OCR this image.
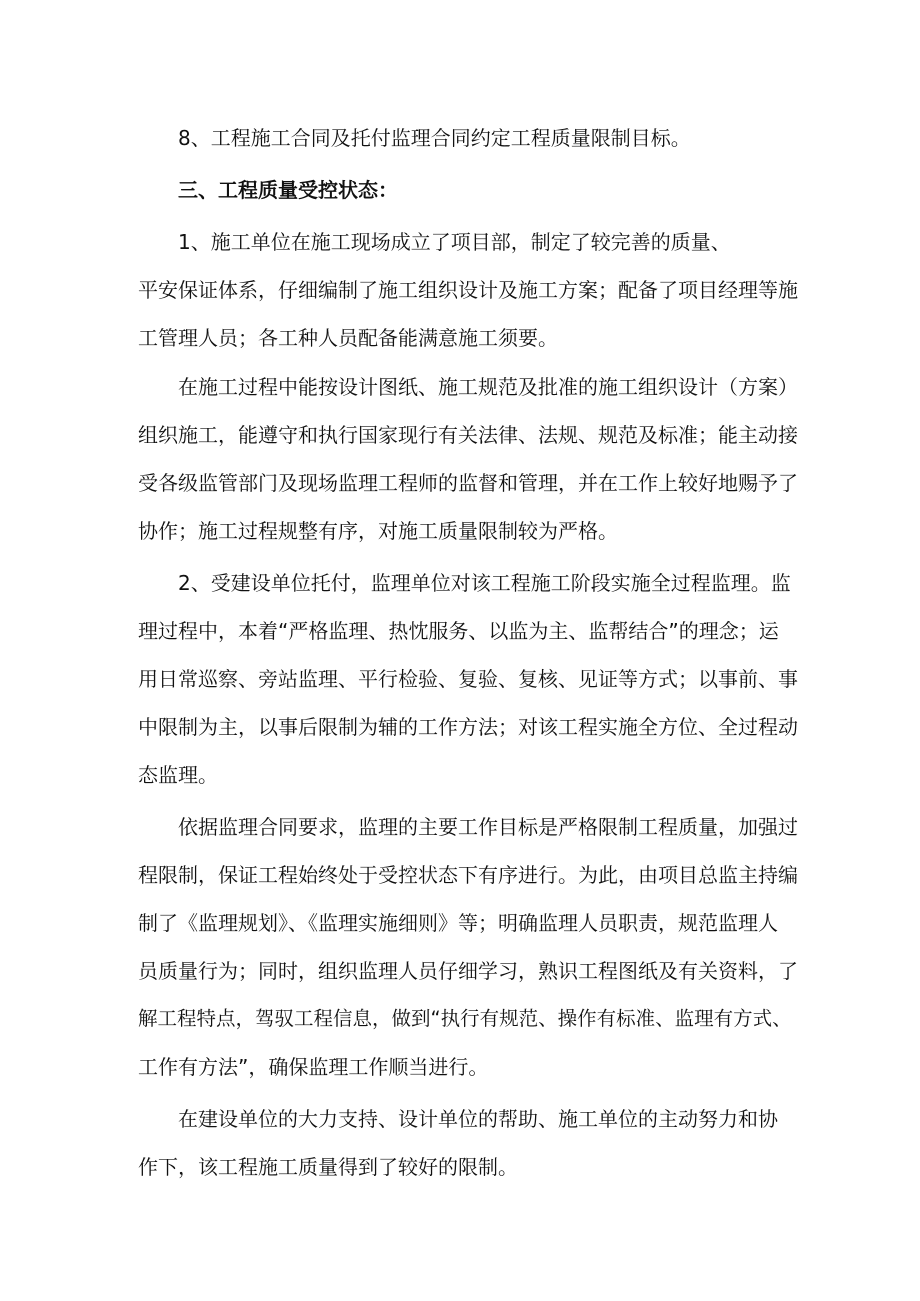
8、工程施工合同及托付监理合同约定工程质量限制目标。
三、工程质量受控状态：
1、施工单位在施工现场成立了项目部，制定了较完善的质量、
平安保证体系，仔细编制了施工组织设计及施工方案；配备了项目经理等施
工管理人员；各工种人员配备能满意施工须要。
在施工过程中能按设计图纸、施工规范及批准的施工组织设计（方案）
组织施工，能遵守和执行国家现行有关法律、法规、规范及标准；能主动接
受各级监管部门及现场监理工程师的监督和管理，并在工作上较好地赐予了
协作；施工过程规整有序，对施工质量限制较为严格。
2、受建设单位托付，监理单位对该工程施工阶段实施全过程监理。监
理过程中，本着“严格监理、热忱服务、以监为主、监帮结合”的理念；运
用日常巡察、旁站监理、平行检验、复验、复核、见证等方式；以事前、事
中限制为主，以事后限制为辅的工作方法；对该工程实施全方位、全过程动
态监理。
依据监理合同要求，监理的主要工作目标是严格限制工程质量，加强过
程限制，保证工程始终处于受控状态下有序进行。为此，由项目总监主持编
制了《监理规划》、《监理实施细则》等；明确监理人员职责，规范监理人
员质量行为；同时，组织监理人员仔细学习，熟识工程图纸及有关资料，了
解工程特点，驾驭工程信息，做到“执行有规范、操作有标准、监理有方式、
工作有方法”，确保监理工作顺当进行。
在建设单位的大力支持、设计单位的帮助、施工单位的主动努力和协
作下，该工程施工质量得到了较好的限制。
